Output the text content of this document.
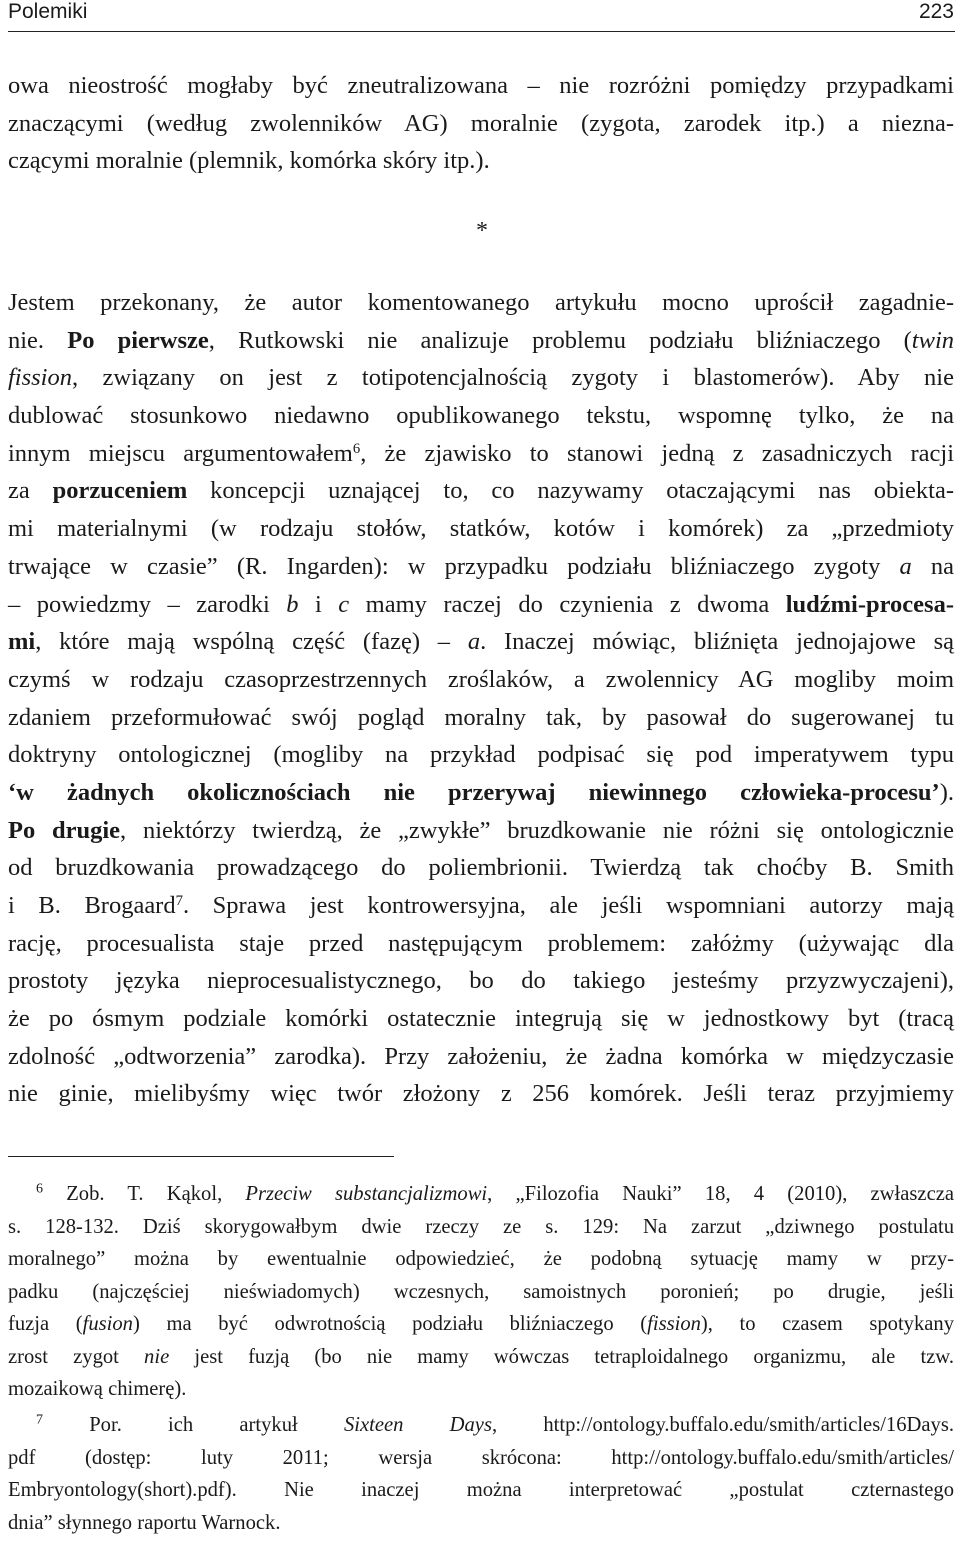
Polemiki	223
owa nieostrość mogłaby być zneutralizowana – nie rozróżni pomiędzy przypadkami
znaczącymi (według zwolenników AG) moralnie (zygota, zarodek itp.) a niezna-
czącymi moralnie (plemnik, komórka skóry itp.).
*
Jestem przekonany, że autor komentowanego artykułu mocno uprościł zagadnie-
nie. Po pierwsze, Rutkowski nie analizuje problemu podziału bliźniaczego (twin
fission, związany on jest z totipotencjalnością zygoty i blastomerów). Aby nie
dublować stosunkowo niedawno opublikowanego tekstu, wspomnę tylko, że na
innym miejscu argumentowałem$^6$, że zjawisko to stanowi jedną z zasadniczych racji
za porzuceniem koncepcji uznającej to, co nazywamy otaczającymi nas obiekta-
mi materialnymi (w rodzaju stołów, statków, kotów i komórek) za „przedmioty
trwające w czasie” (R. Ingarden): w przypadku podziału bliźniaczego zygoty a na
– powiedzmy – zarodki b i c mamy raczej do czynienia z dwoma ludźmi-procesa-
mi, które mają wspólną część (fazę) – a. Inaczej mówiąc, bliźnięta jednojajowe są
czymś w rodzaju czasoprzestrzennych zroślaków, a zwolennicy AG mogliby moim
zdaniem przeformułować swój pogląd moralny tak, by pasował do sugerowanej tu
doktryny ontologicznej (mogliby na przykład podpisać się pod imperatywem typu
‘w żadnych okolicznościach nie przerywaj niewinnego człowieka-procesu’).
Po drugie, niektórzy twierdzą, że „zwykłe” bruzdkowanie nie różni się ontologicznie
od bruzdkowania prowadzącego do poliembrionii. Twierdzą tak choćby B. Smith
i B. Brogaard$^7$. Sprawa jest kontrowersyjna, ale jeśli wspomniani autorzy mają
rację, procesualista staje przed następującym problemem: załóżmy (używając dla
prostoty języka nieprocesualistycznego, bo do takiego jesteśmy przyzwyczajeni),
że po ósmym podziale komórki ostatecznie integrują się w jednostkowy byt (tracą
zdolność „odtworzenia” zarodka). Przy założeniu, że żadna komórka w międzyczasie
nie ginie, mielibyśmy więc twór złożony z 256 komórek. Jeśli teraz przyjmiemy
$^6$ Zob. T. Kąkol, Przeciw substancjalizmowi, „Filozofia Nauki” 18, 4 (2010), zwłaszcza
s. 128-132. Dziś skorygowałbym dwie rzeczy ze s. 129: Na zarzut „dziwnego postulatu
moralnego” można by ewentualnie odpowiedzieć, że podobną sytuację mamy w przy-
padku (najczęściej nieświadomych) wczesnych, samoistnych poronień; po drugie, jeśli
fuzja (fusion) ma być odwrotnością podziału bliźniaczego (fission), to czasem spotykany
zrost zygot nie jest fuzją (bo nie mamy wówczas tetraploidalnego organizmu, ale tzw.
mozaikową chimerę).
$^7$ Por. ich artykuł Sixteen Days, http://ontology.buffalo.edu/smith/articles/16Days.
pdf (dostęp: luty 2011; wersja skrócona: http://ontology.buffalo.edu/smith/articles/
Embryontology(short).pdf). Nie inaczej można interpretować „postulat czternastego
dnia” słynnego raportu Warnock.
